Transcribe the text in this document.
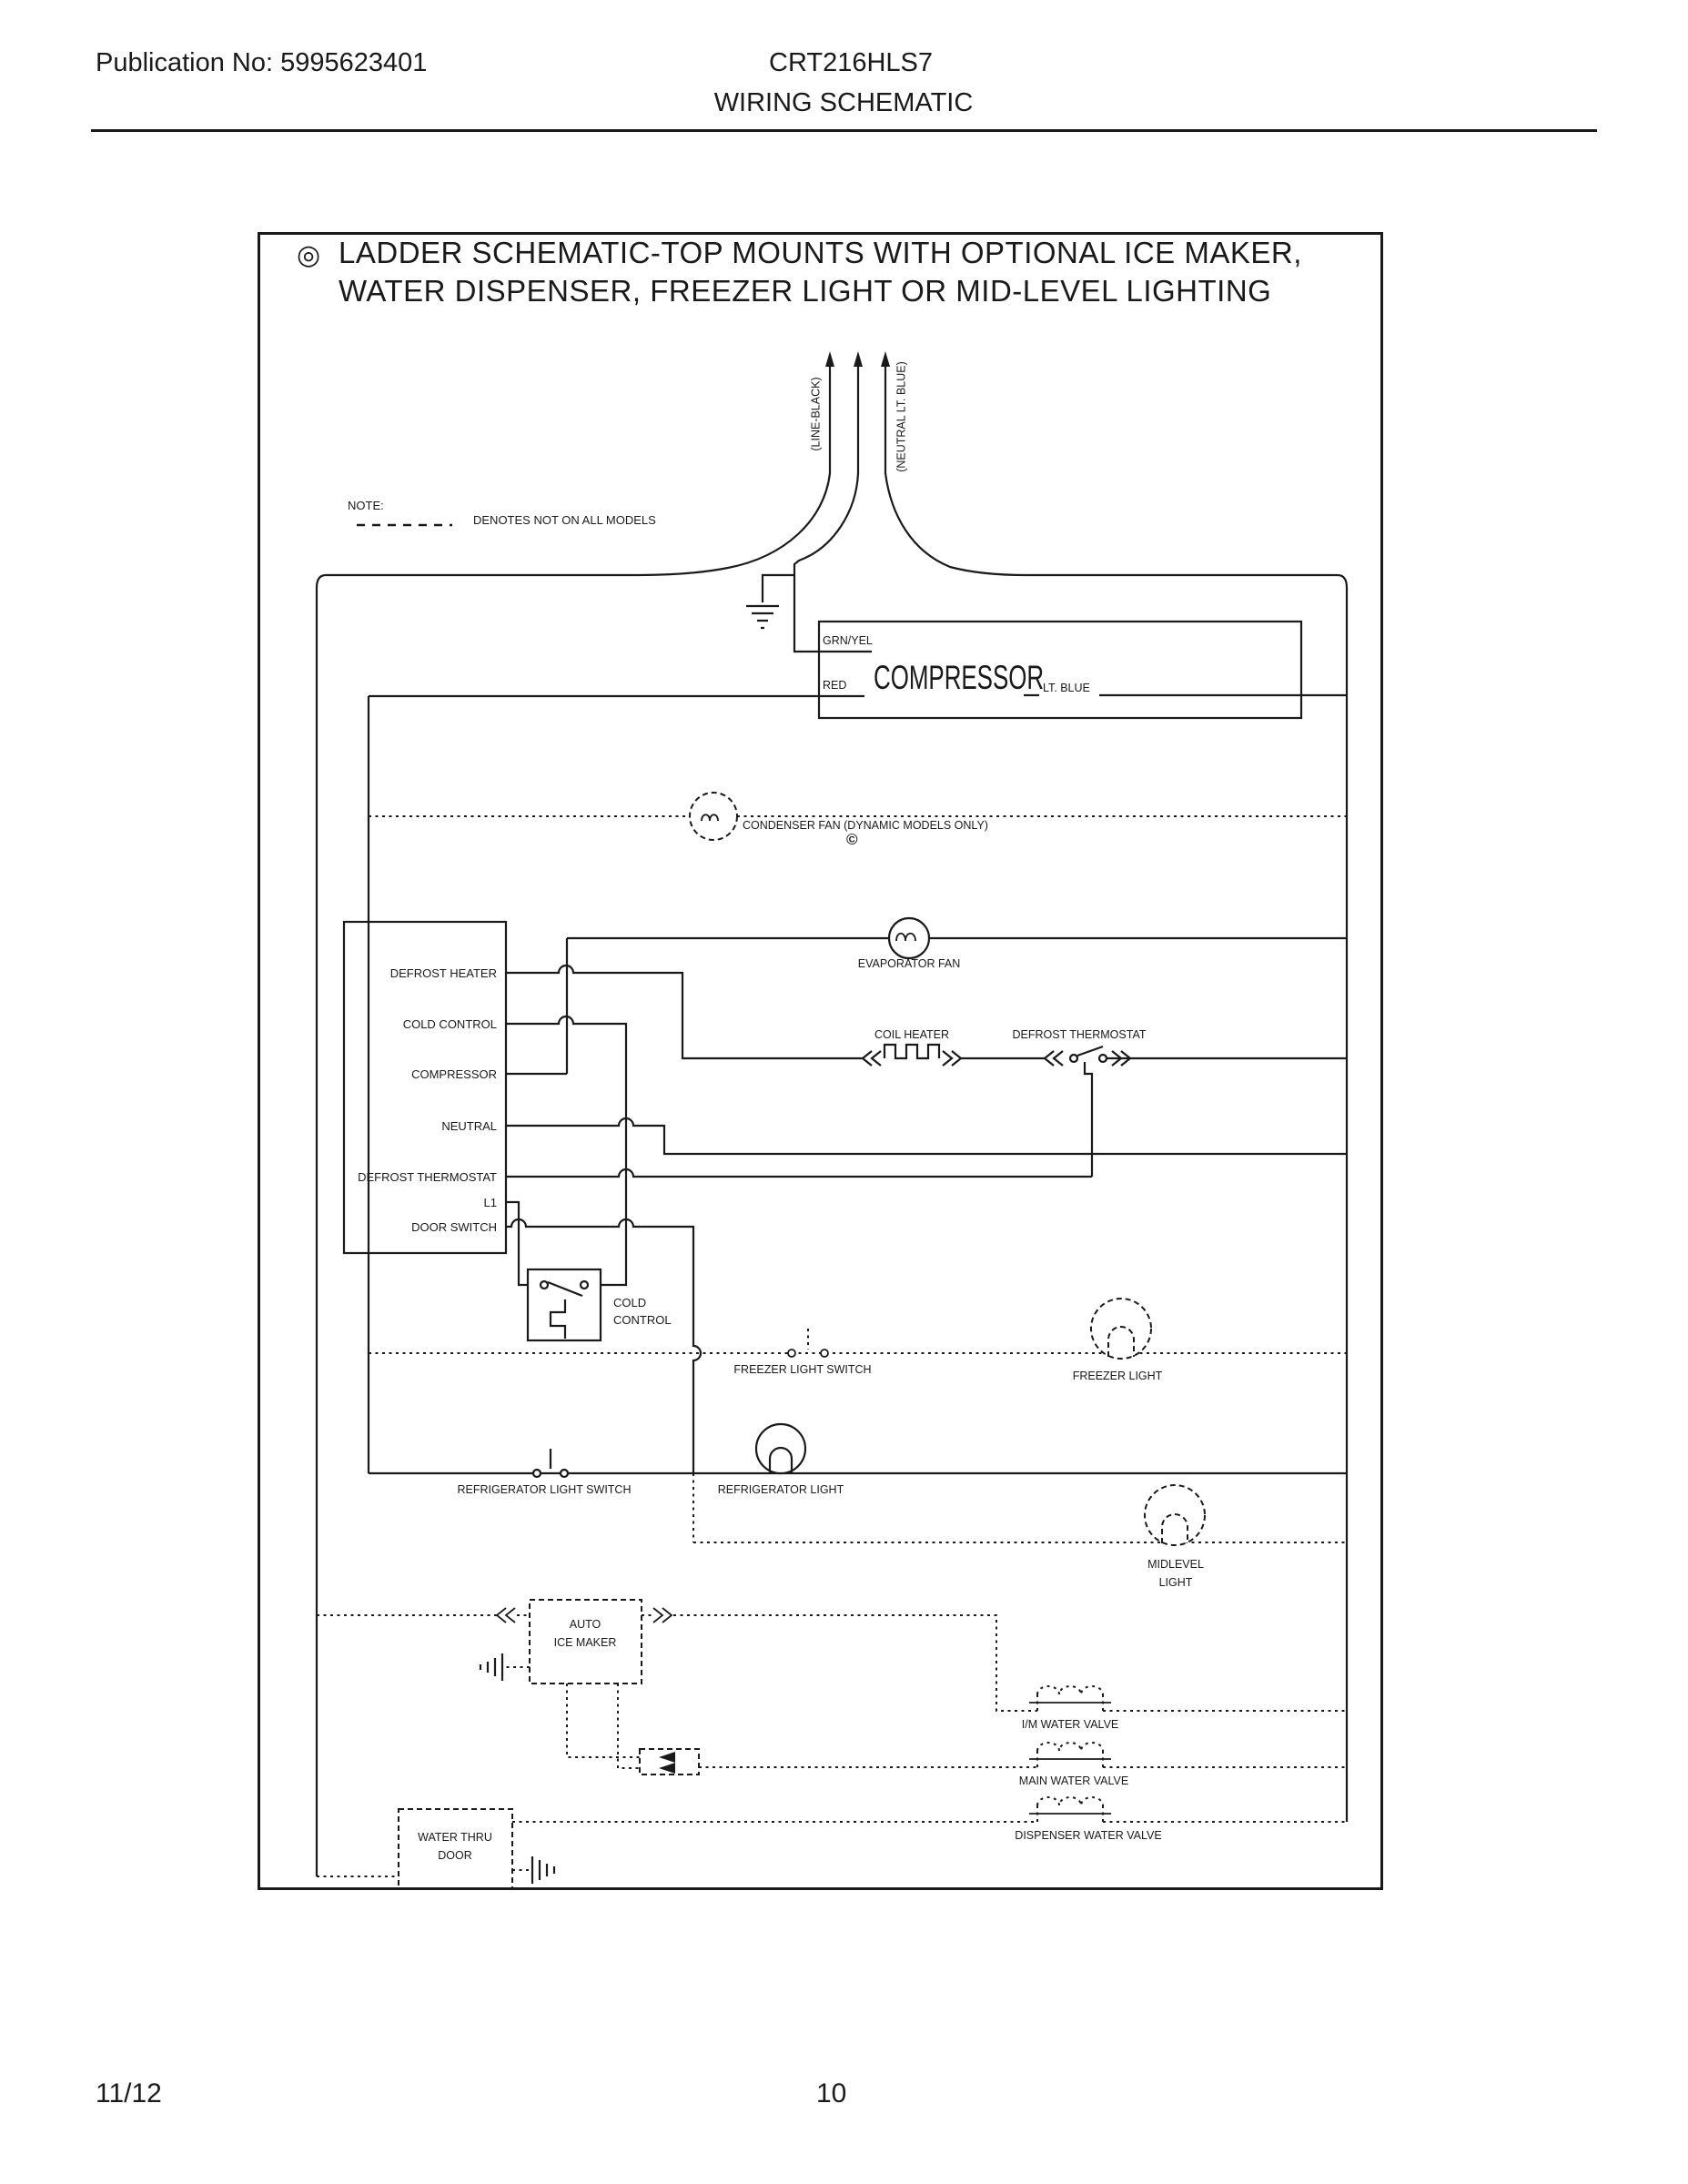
Publication No: 5995623401	CRT216HLS7
WIRING SCHEMATIC
◎ LADDER SCHEMATIC-TOP MOUNTS WITH OPTIONAL ICE MAKER,
WATER DISPENSER, FREEZER LIGHT OR MID-LEVEL LIGHTING
NOTE:
DENOTES NOT ON ALL MODELS
(LINE-BLACK)	(NEUTRAL LT. BLUE)
GRN/YEL
RED COMPRESSOR
LT. BLUE
CONDENSER FAN (DYNAMIC MODELS ONLY)
©
EVAPORATOR FAN
DEFROST HEATER
COLD CONTROL
COMPRESSOR
NEUTRAL
DEFROST THERMOSTAT
L1
DOOR SWITCH
COIL HEATER	DEFROST THERMOSTAT
COLD
CONTROL
FREEZER LIGHT SWITCH	FREEZER LIGHT
REFRIGERATOR LIGHT SWITCH	REFRIGERATOR LIGHT
MIDLEVEL
LIGHT
AUTO
ICE MAKER
I/M WATER VALVE
MAIN WATER VALVE
DISPENSER WATER VALVE
WATER THRU
DOOR
11/12	10
